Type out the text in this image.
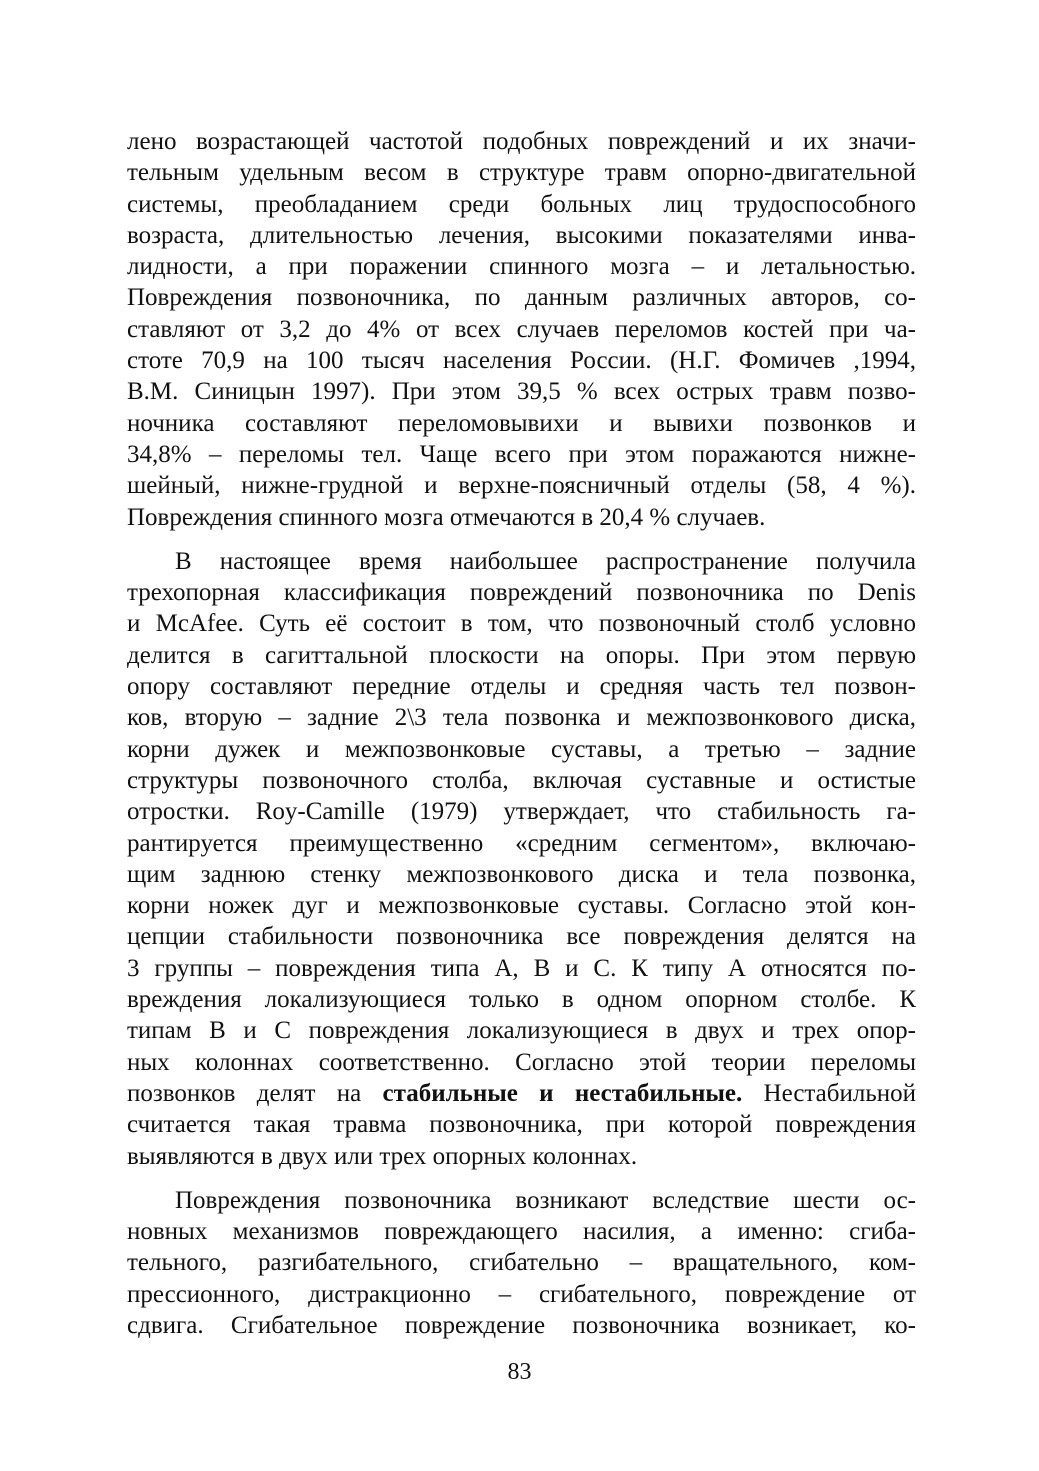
лено возрастающей частотой подобных повреждений и их значи-
тельным удельным весом в структуре травм опорно-двигательной
системы, преобладанием среди больных лиц трудоспособного
возраста, длительностью лечения, высокими показателями инва-
лидности, а при поражении спинного мозга – и летальностью.
Повреждения позвоночника, по данным различных авторов, со-
ставляют от 3,2 до 4% от всех случаев переломов костей при ча-
стоте 70,9 на 100 тысяч населения России. (Н.Г. Фомичев ,1994,
В.М. Синицын 1997). При этом 39,5 % всех острых травм позво-
ночника составляют переломовывихи и вывихи позвонков и
34,8% – переломы тел. Чаще всего при этом поражаются нижне-
шейный, нижне-грудной и верхне-поясничный отделы (58, 4 %).
Повреждения спинного мозга отмечаются в 20,4 % случаев.
В настоящее время наибольшее распространение получила
трехопорная классификация повреждений позвоночника по Denis
и McAfee. Суть её состоит в том, что позвоночный столб условно
делится в сагиттальной плоскости на опоры. При этом первую
опору составляют передние отделы и средняя часть тел позвон-
ков, вторую – задние 2\3 тела позвонка и межпозвонкового диска,
корни дужек и межпозвонковые суставы, а третью – задние
структуры позвоночного столба, включая суставные и остистые
отростки. Roy-Camille (1979) утверждает, что стабильность га-
рантируется преимущественно «средним сегментом», включаю-
щим заднюю стенку межпозвонкового диска и тела позвонка,
корни ножек дуг и межпозвонковые суставы. Согласно этой кон-
цепции стабильности позвоночника все повреждения делятся на
3 группы – повреждения типа А, В и С. К типу А относятся по-
вреждения локализующиеся только в одном опорном столбе. К
типам В и С повреждения локализующиеся в двух и трех опор-
ных колоннах соответственно. Согласно этой теории переломы
позвонков делят на стабильные и нестабильные. Нестабильной
считается такая травма позвоночника, при которой повреждения
выявляются в двух или трех опорных колоннах.
Повреждения позвоночника возникают вследствие шести ос-
новных механизмов повреждающего насилия, а именно: сгиба-
тельного, разгибательного, сгибательно – вращательного, ком-
прессионного, дистракционно – сгибательного, повреждение от
сдвига. Сгибательное повреждение позвоночника возникает, ко-
83
